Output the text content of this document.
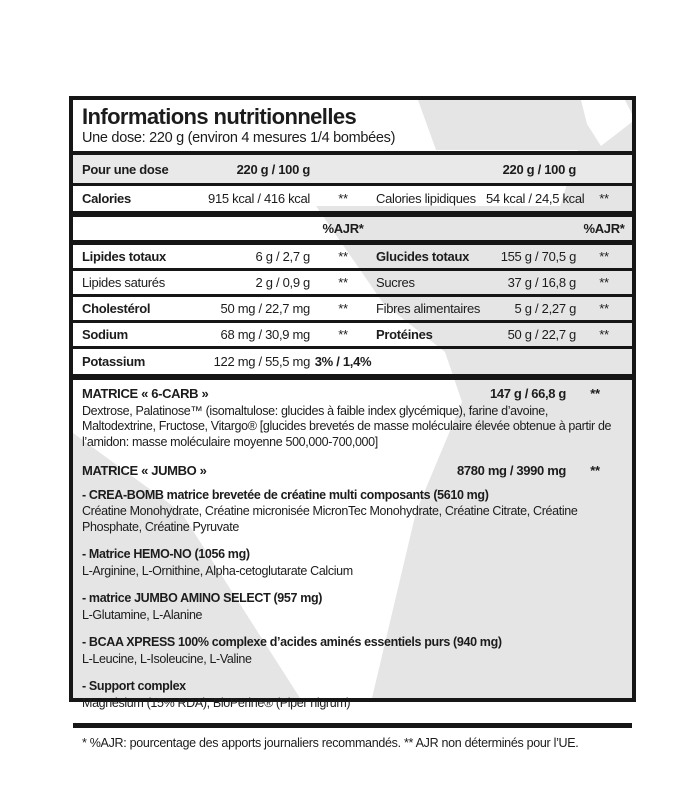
Informations nutritionnelles
Une dose: 220 g (environ 4 mesures 1/4 bombées)
Pour une dose	220 g / 100 g	220 g / 100 g
Calories	915 kcal / 416 kcal	**	Calories lipidiques 54 kcal / 24,5 kcal	**
%AJR*	%AJR*
Lipides totaux	6 g / 2,7 g	**	Glucides totaux	155 g / 70,5 g	**
Lipides saturés	2 g / 0,9 g	**	Sucres	37 g / 16,8 g	**
Cholestérol	50 mg / 22,7 mg	**	Fibres alimentaires	5 g / 2,27 g	**
Sodium	68 mg / 30,9 mg	**	Protéines	50 g / 22,7 g	**
Potassium	122 mg / 55,5 mg 3% / 1,4%
MATRICE « 6-CARB »	147 g / 66,8 g	**
Dextrose, Palatinose™ (isomaltulose: glucides à faible index glycémique), farine d’avoine, Maltodextrine, Fructose, Vitargo® [glucides brevetés de masse moléculaire élevée obtenue à partir de l’amidon: masse moléculaire moyenne 500,000-700,000]
MATRICE « JUMBO »	8780 mg / 3990 mg	**
- CREA-BOMB matrice brevetée de créatine multi composants (5610 mg)
Créatine Monohydrate, Créatine micronisée MicronTec Monohydrate, Créatine Citrate, Créatine Phosphate, Créatine Pyruvate
- Matrice HEMO-NO (1056 mg)
L-Arginine, L-Ornithine, Alpha-cetoglutarate Calcium
- matrice JUMBO AMINO SELECT (957 mg)
L-Glutamine, L-Alanine
- BCAA XPRESS 100% complexe d’acides aminés essentiels purs (940 mg)
L-Leucine, L-Isoleucine, L-Valine
- Support complex
Magnésium (15% RDA), BioPerine® (Piper nigrum)
* %AJR: pourcentage des apports journaliers recommandés. ** AJR non déterminés pour l’UE.
